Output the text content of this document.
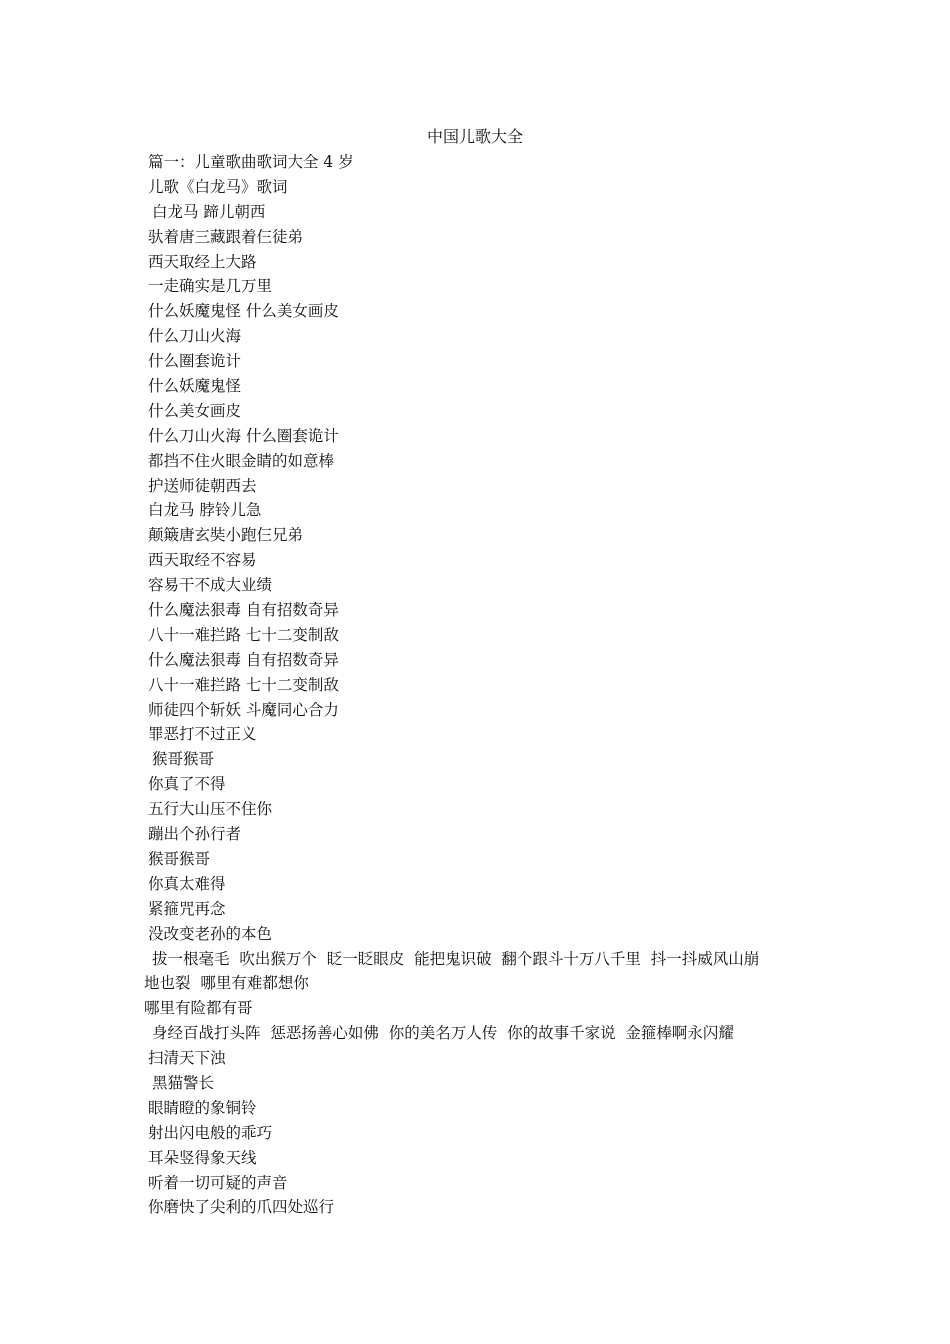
中国儿歌大全
篇一：儿童歌曲歌词大全 4 岁
儿歌《白龙马》歌词
白龙马 蹄儿朝西
驮着唐三藏跟着仨徒弟
西天取经上大路
一走确实是几万里
什么妖魔鬼怪 什么美女画皮
什么刀山火海
什么圈套诡计
什么妖魔鬼怪
什么美女画皮
什么刀山火海 什么圈套诡计
都挡不住火眼金睛的如意棒
护送师徒朝西去
白龙马 脖铃儿急
颠簸唐玄奘小跑仨兄弟
西天取经不容易
容易干不成大业绩
什么魔法狠毒 自有招数奇异
八十一难拦路 七十二变制敌
什么魔法狠毒 自有招数奇异
八十一难拦路 七十二变制敌
师徒四个斩妖 斗魔同心合力
罪恶打不过正义
猴哥猴哥
你真了不得
五行大山压不住你
蹦出个孙行者
猴哥猴哥
你真太难得
紧箍咒再念
没改变老孙的本色
拔一根毫毛  吹出猴万个  眨一眨眼皮  能把鬼识破  翻个跟斗十万八千里  抖一抖威风山崩
地也裂  哪里有难都想你
哪里有险都有哥
身经百战打头阵  惩恶扬善心如佛  你的美名万人传  你的故事千家说  金箍棒啊永闪耀
扫清天下浊
黑猫警长
眼睛瞪的象铜铃
射出闪电般的乖巧
耳朵竖得象天线
听着一切可疑的声音
你磨快了尖利的爪四处巡行
